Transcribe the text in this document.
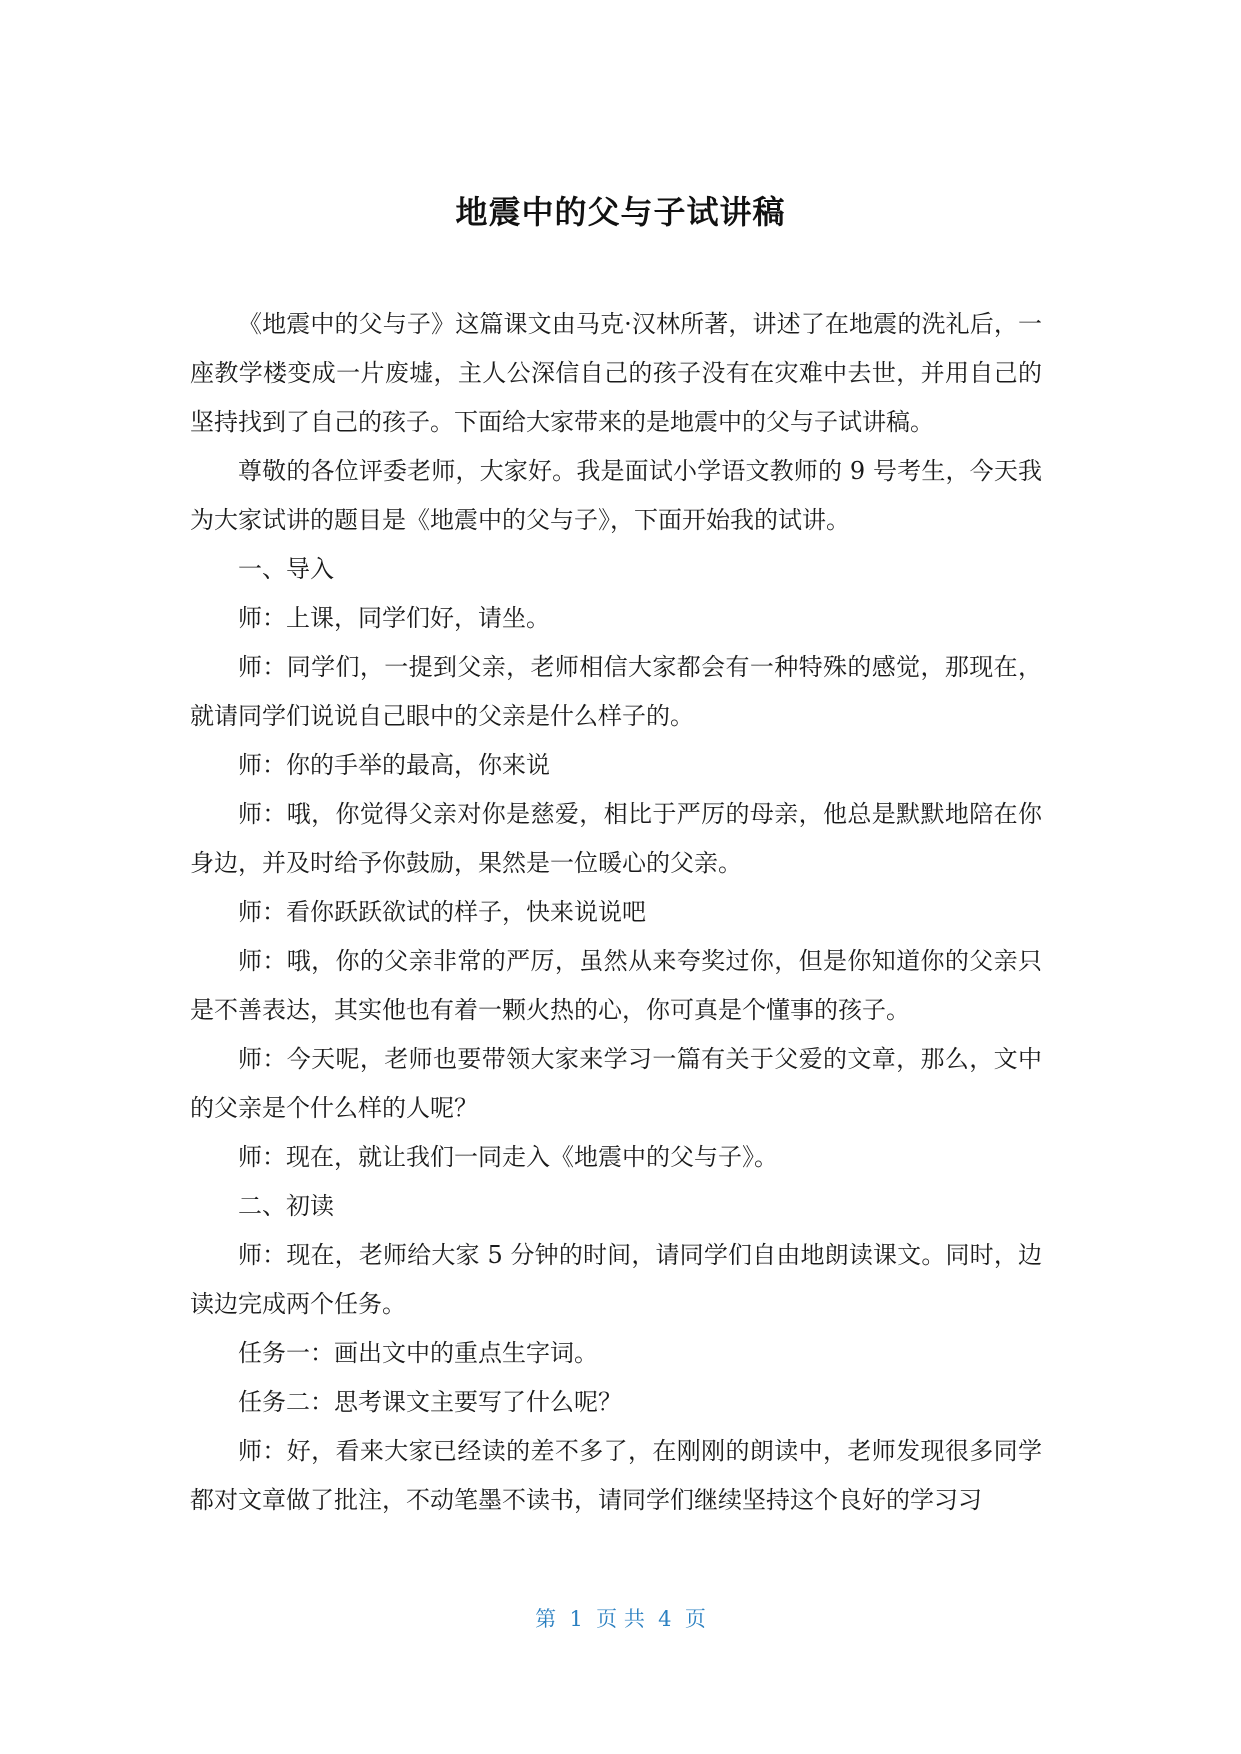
地震中的父与子试讲稿

《地震中的父与子》这篇课文由马克·汉林所著，讲述了在地震的洗礼后，一座教学楼变成一片废墟，主人公深信自己的孩子没有在灾难中去世，并用自己的坚持找到了自己的孩子。下面给大家带来的是地震中的父与子试讲稿。

尊敬的各位评委老师，大家好。我是面试小学语文教师的 9 号考生，今天我为大家试讲的题目是《地震中的父与子》，下面开始我的试讲。

一、导入

师：上课，同学们好，请坐。

师：同学们，一提到父亲，老师相信大家都会有一种特殊的感觉，那现在，就请同学们说说自己眼中的父亲是什么样子的。

师：你的手举的最高，你来说

师：哦，你觉得父亲对你是慈爱，相比于严厉的母亲，他总是默默地陪在你身边，并及时给予你鼓励，果然是一位暖心的父亲。

师：看你跃跃欲试的样子，快来说说吧

师：哦，你的父亲非常的严厉，虽然从来夸奖过你，但是你知道你的父亲只是不善表达，其实他也有着一颗火热的心，你可真是个懂事的孩子。

师：今天呢，老师也要带领大家来学习一篇有关于父爱的文章，那么，文中的父亲是个什么样的人呢？

师：现在，就让我们一同走入《地震中的父与子》。

二、初读

师：现在，老师给大家 5 分钟的时间，请同学们自由地朗读课文。同时，边读边完成两个任务。

任务一：画出文中的重点生字词。

任务二：思考课文主要写了什么呢？

师：好，看来大家已经读的差不多了，在刚刚的朗读中，老师发现很多同学都对文章做了批注，不动笔墨不读书，请同学们继续坚持这个良好的学习习

第  1  页 共  4  页
